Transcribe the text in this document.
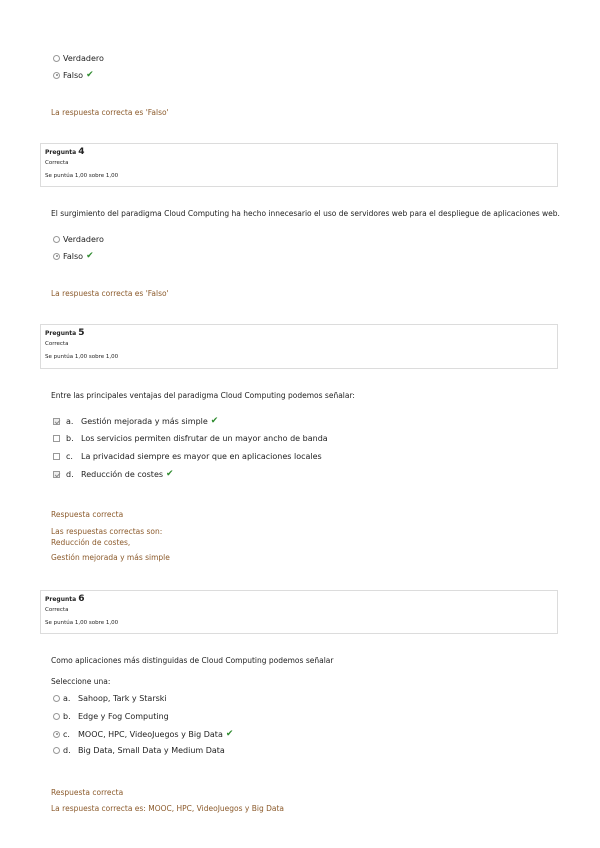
Verdadero
Falso ✔
La respuesta correcta es 'Falso'
Pregunta 4
Correcta
Se puntúa 1,00 sobre 1,00
El surgimiento del paradigma Cloud Computing ha hecho innecesario el uso de servidores web para el despliegue de aplicaciones web.
Verdadero
Falso ✔
La respuesta correcta es 'Falso'
Pregunta 5
Correcta
Se puntúa 1,00 sobre 1,00
Entre las principales ventajas del paradigma Cloud Computing podemos señalar:
a. Gestión mejorada y más simple ✔
b. Los servicios permiten disfrutar de un mayor ancho de banda
c.	La privacidad siempre es mayor que en aplicaciones locales
d. Reducción de costes ✔
Respuesta correcta
Las respuestas correctas son:
Reducción de costes,
Gestión mejorada y más simple
Pregunta 6
Correcta
Se puntúa 1,00 sobre 1,00
Como aplicaciones más distinguidas de Cloud Computing podemos señalar
Seleccione una:
a. Sahoop, Tark y Starski
b. Edge y Fog Computing
c.	MOOC, HPC, VideoJuegos y Big Data ✔
d. Big Data, Small Data y Medium Data
Respuesta correcta
La respuesta correcta es: MOOC, HPC, VideoJuegos y Big Data
